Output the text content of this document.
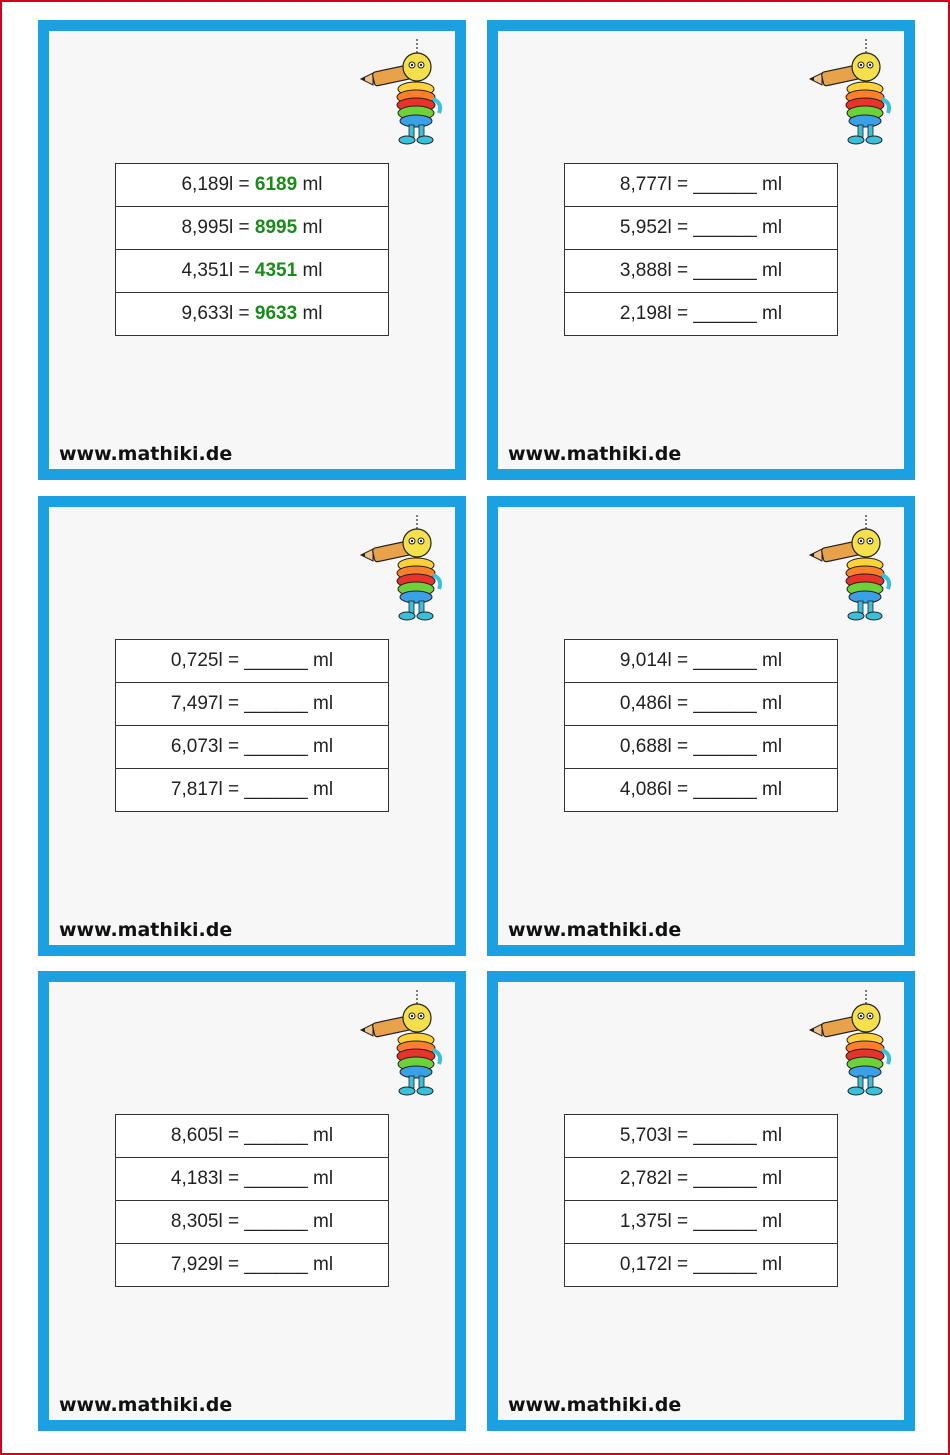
6,189l = 6189 ml
8,995l = 8995 ml
4,351l = 4351 ml
9,633l = 9633 ml
www.mathiki.de
8,777l = ______ ml
5,952l = ______ ml
3,888l = ______ ml
2,198l = ______ ml
www.mathiki.de
0,725l = ______ ml
7,497l = ______ ml
6,073l = ______ ml
7,817l = ______ ml
www.mathiki.de
9,014l = ______ ml
0,486l = ______ ml
0,688l = ______ ml
4,086l = ______ ml
www.mathiki.de
8,605l = ______ ml
4,183l = ______ ml
8,305l = ______ ml
7,929l = ______ ml
www.mathiki.de
5,703l = ______ ml
2,782l = ______ ml
1,375l = ______ ml
0,172l = ______ ml
www.mathiki.de
